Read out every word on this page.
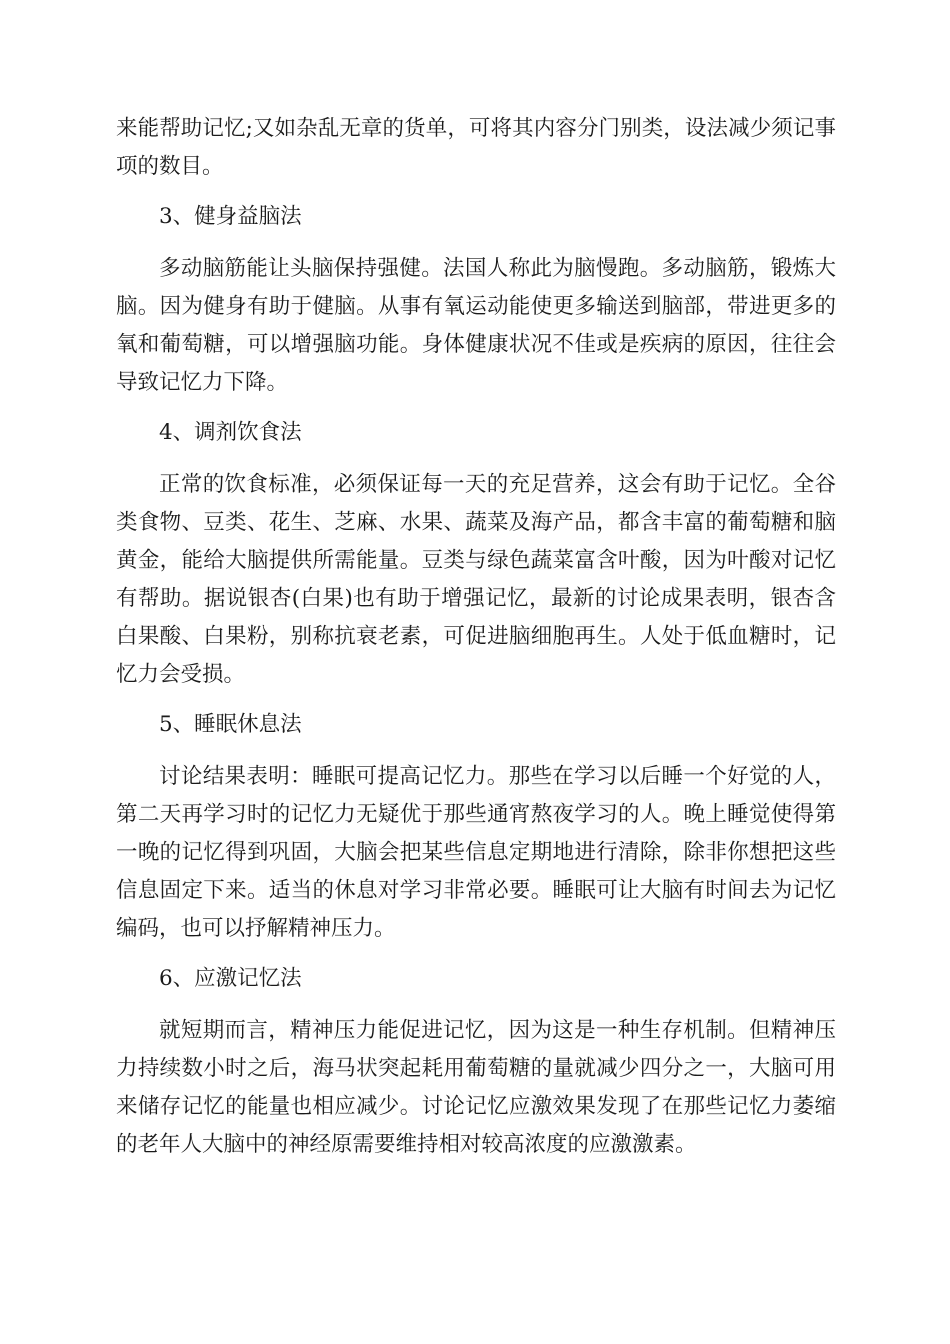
来能帮助记忆;又如杂乱无章的货单，可将其内容分门别类，设法减少须记事项的数目。

3、健身益脑法

多动脑筋能让头脑保持强健。法国人称此为脑慢跑。多动脑筋，锻炼大脑。因为健身有助于健脑。从事有氧运动能使更多输送到脑部，带进更多的氧和葡萄糖，可以增强脑功能。身体健康状况不佳或是疾病的原因，往往会导致记忆力下降。

4、调剂饮食法

正常的饮食标准，必须保证每一天的充足营养，这会有助于记忆。全谷类食物、豆类、花生、芝麻、水果、蔬菜及海产品，都含丰富的葡萄糖和脑黄金，能给大脑提供所需能量。豆类与绿色蔬菜富含叶酸，因为叶酸对记忆有帮助。据说银杏(白果)也有助于增强记忆，最新的讨论成果表明，银杏含白果酸、白果粉，别称抗衰老素，可促进脑细胞再生。人处于低血糖时，记忆力会受损。

5、睡眠休息法

讨论结果表明：睡眠可提高记忆力。那些在学习以后睡一个好觉的人，第二天再学习时的记忆力无疑优于那些通宵熬夜学习的人。晚上睡觉使得第一晚的记忆得到巩固，大脑会把某些信息定期地进行清除，除非你想把这些信息固定下来。适当的休息对学习非常必要。睡眠可让大脑有时间去为记忆编码，也可以抒解精神压力。

6、应激记忆法

就短期而言，精神压力能促进记忆，因为这是一种生存机制。但精神压力持续数小时之后，海马状突起耗用葡萄糖的量就减少四分之一，大脑可用来储存记忆的能量也相应减少。讨论记忆应激效果发现了在那些记忆力萎缩的老年人大脑中的神经原需要维持相对较高浓度的应激激素。
